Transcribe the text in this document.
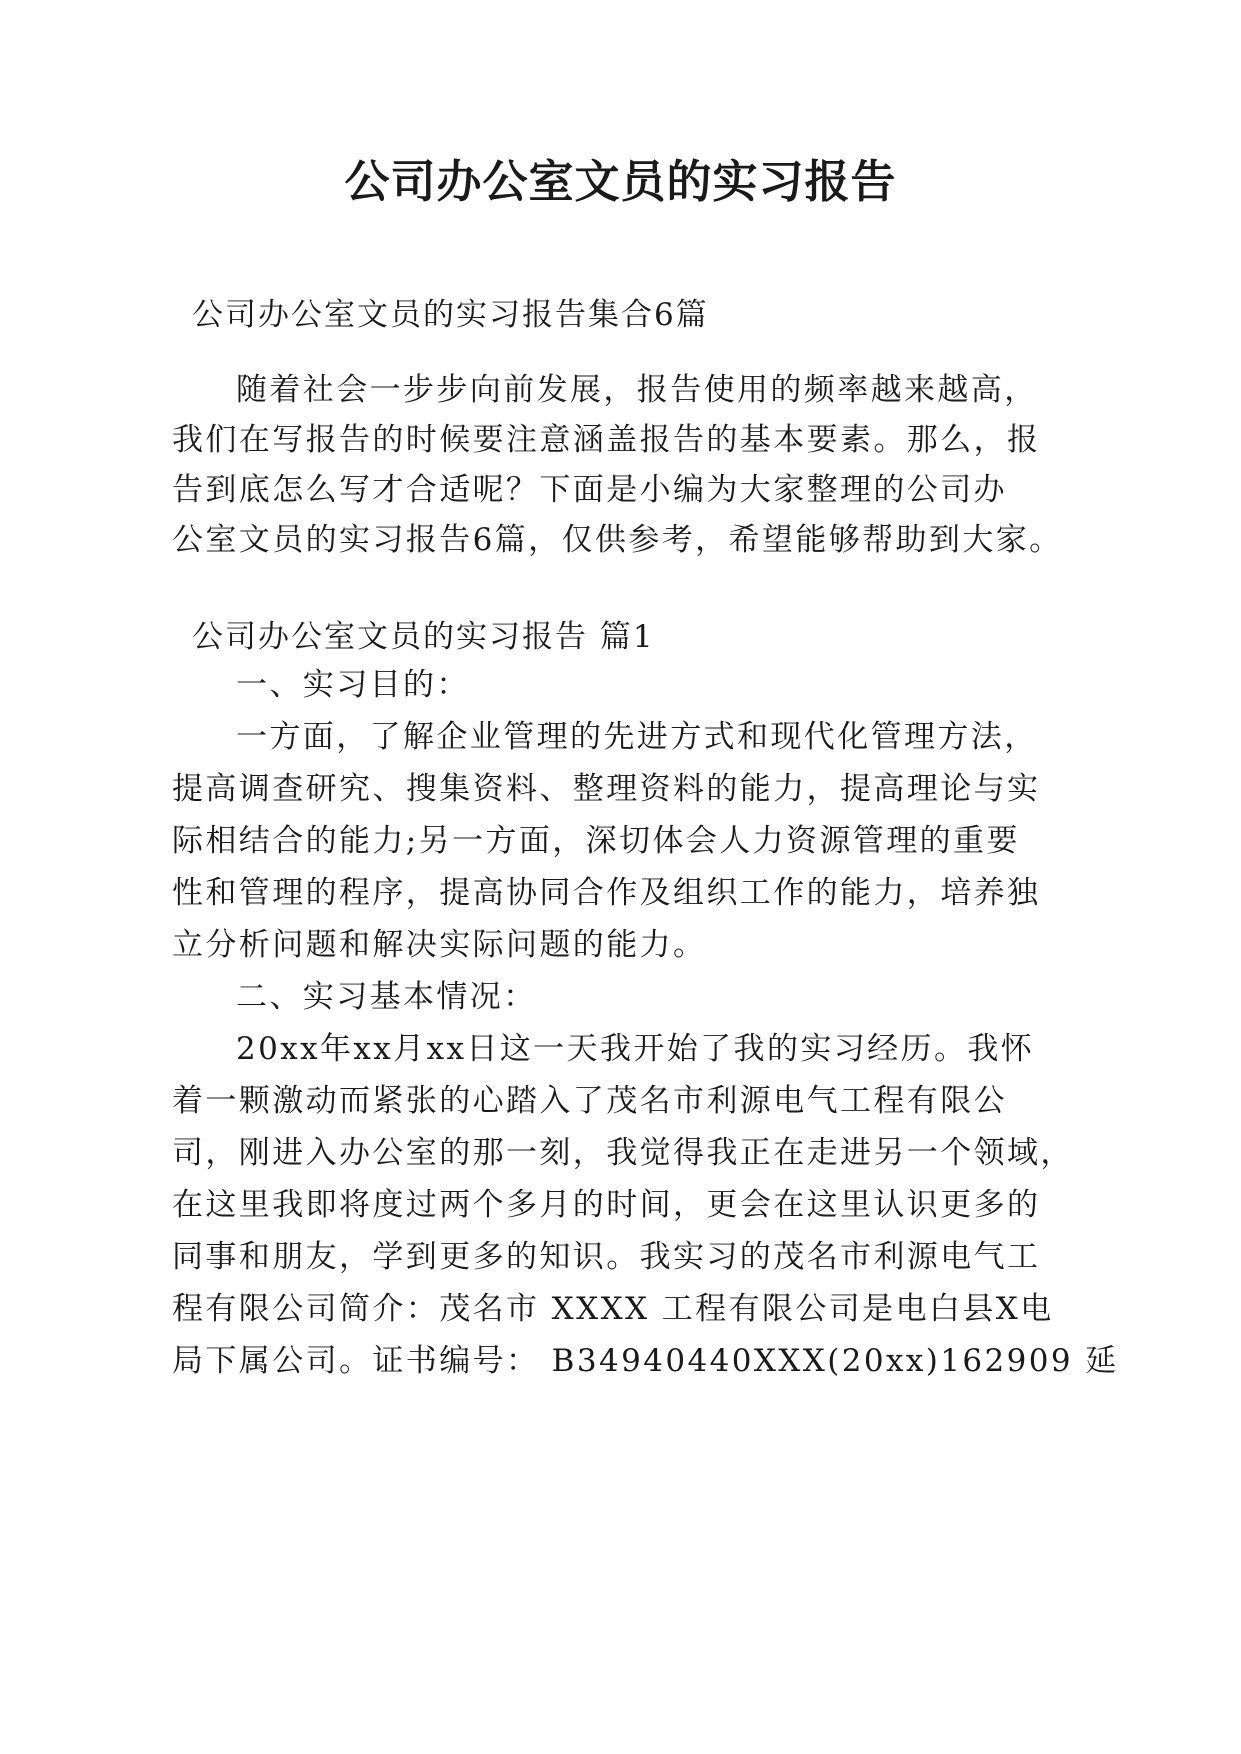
公司办公室文员的实习报告

公司办公室文员的实习报告集合6篇

随着社会一步步向前发展，报告使用的频率越来越高，

我们在写报告的时候要注意涵盖报告的基本要素。那么，报

告到底怎么写才合适呢？下面是小编为大家整理的公司办

公室文员的实习报告6篇，仅供参考，希望能够帮助到大家。

公司办公室文员的实习报告 篇1

一、实习目的：

一方面，了解企业管理的先进方式和现代化管理方法，

提高调查研究、搜集资料、整理资料的能力，提高理论与实

际相结合的能力;另一方面，深切体会人力资源管理的重要

性和管理的程序，提高协同合作及组织工作的能力，培养独

立分析问题和解决实际问题的能力。

二、实习基本情况：

20xx年xx月xx日这一天我开始了我的实习经历。我怀

着一颗激动而紧张的心踏入了茂名市利源电气工程有限公

司，刚进入办公室的那一刻，我觉得我正在走进另一个领域，

在这里我即将度过两个多月的时间，更会在这里认识更多的

同事和朋友，学到更多的知识。我实习的茂名市利源电气工

程有限公司简介：茂名市 XXXX 工程有限公司是电白县X电

局下属公司。证书编号： B34940440XXX(20xx)162909 延
